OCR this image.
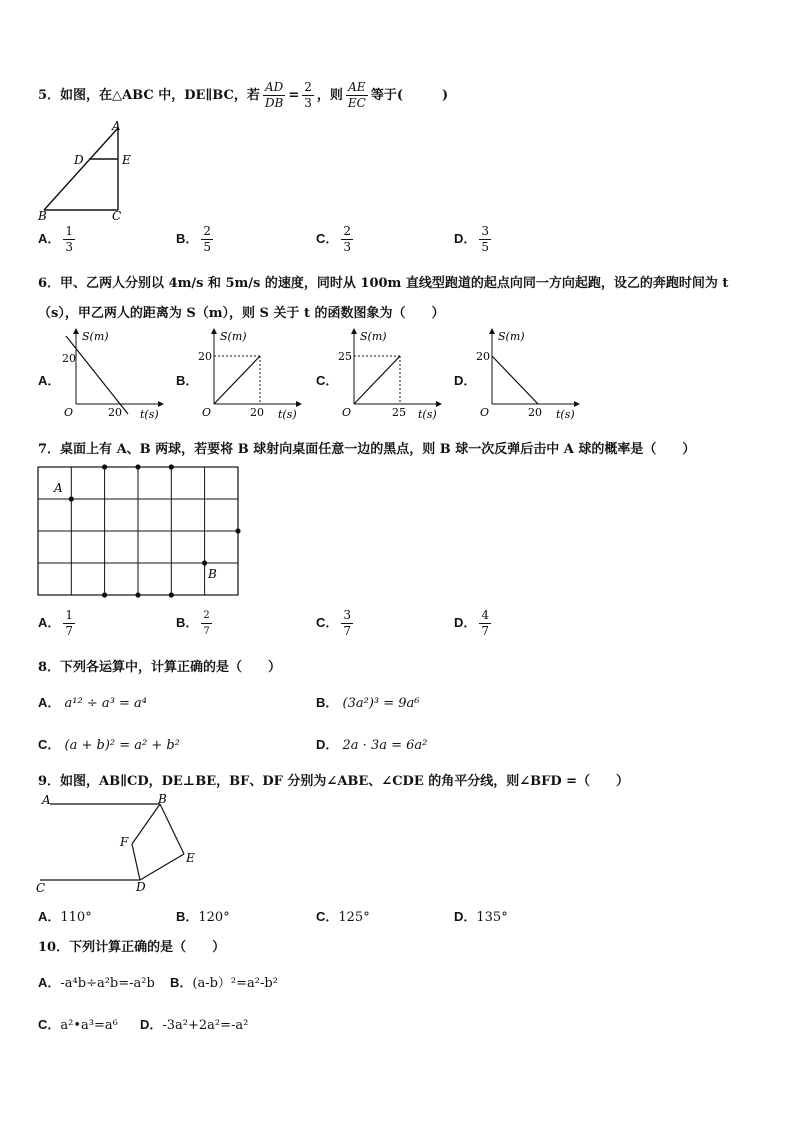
5．如图，在△ABC 中，DE∥BC，若 $\frac{AD}{DB} = \frac{2}{3}$ ，则 $\frac{AE}{EC}$ 等于(　　　)
A
D	E
B	C
A． $\frac{1}{3}$	B． $\frac{2}{5}$	C． $\frac{2}{3}$	D． $\frac{3}{5}$
6．甲、乙两人分别以 4m/s 和 5m/s 的速度，同时从 100m 直线型跑道的起点向同一方向起跑，设乙的奔跑时间为 t
（s），甲乙两人的距离为 S（m），则 S 关于 t 的函数图象为（　　）
A．
S(m)
20
O	20 t(s)
B．
S(m)
20
O	20 t(s)
C．
S(m)
25
O	25 t(s)
D．
S(m)
20
O	20 t(s)
7．桌面上有 A、B 两球，若要将 B 球射向桌面任意一边的黑点，则 B 球一次反弹后击中 A 球的概率是（　　）
A
B
A． $\frac{1}{7}$	B． $\frac{2}{7}$	C． $\frac{3}{7}$	D． $\frac{4}{7}$
8．下列各运算中，计算正确的是（　　）
A． a¹² ÷ a³ = a⁴	B． (3a²)³ = 9a⁶
C． (a + b)² = a² + b²	D． 2a · 3a = 6a²
9．如图，AB∥CD，DE⊥BE，BF、DF 分别为∠ABE、∠CDE 的角平分线，则∠BFD =（　　）
A	B
C	D
E
F
A．110°	B．120°	C．125°	D．135°
10．下列计算正确的是（　　）
A．-a⁴b÷a²b=-a²b B．(a-b）²=a²-b²
C．a²•a³=a⁶ D．-3a²+2a²=-a²
